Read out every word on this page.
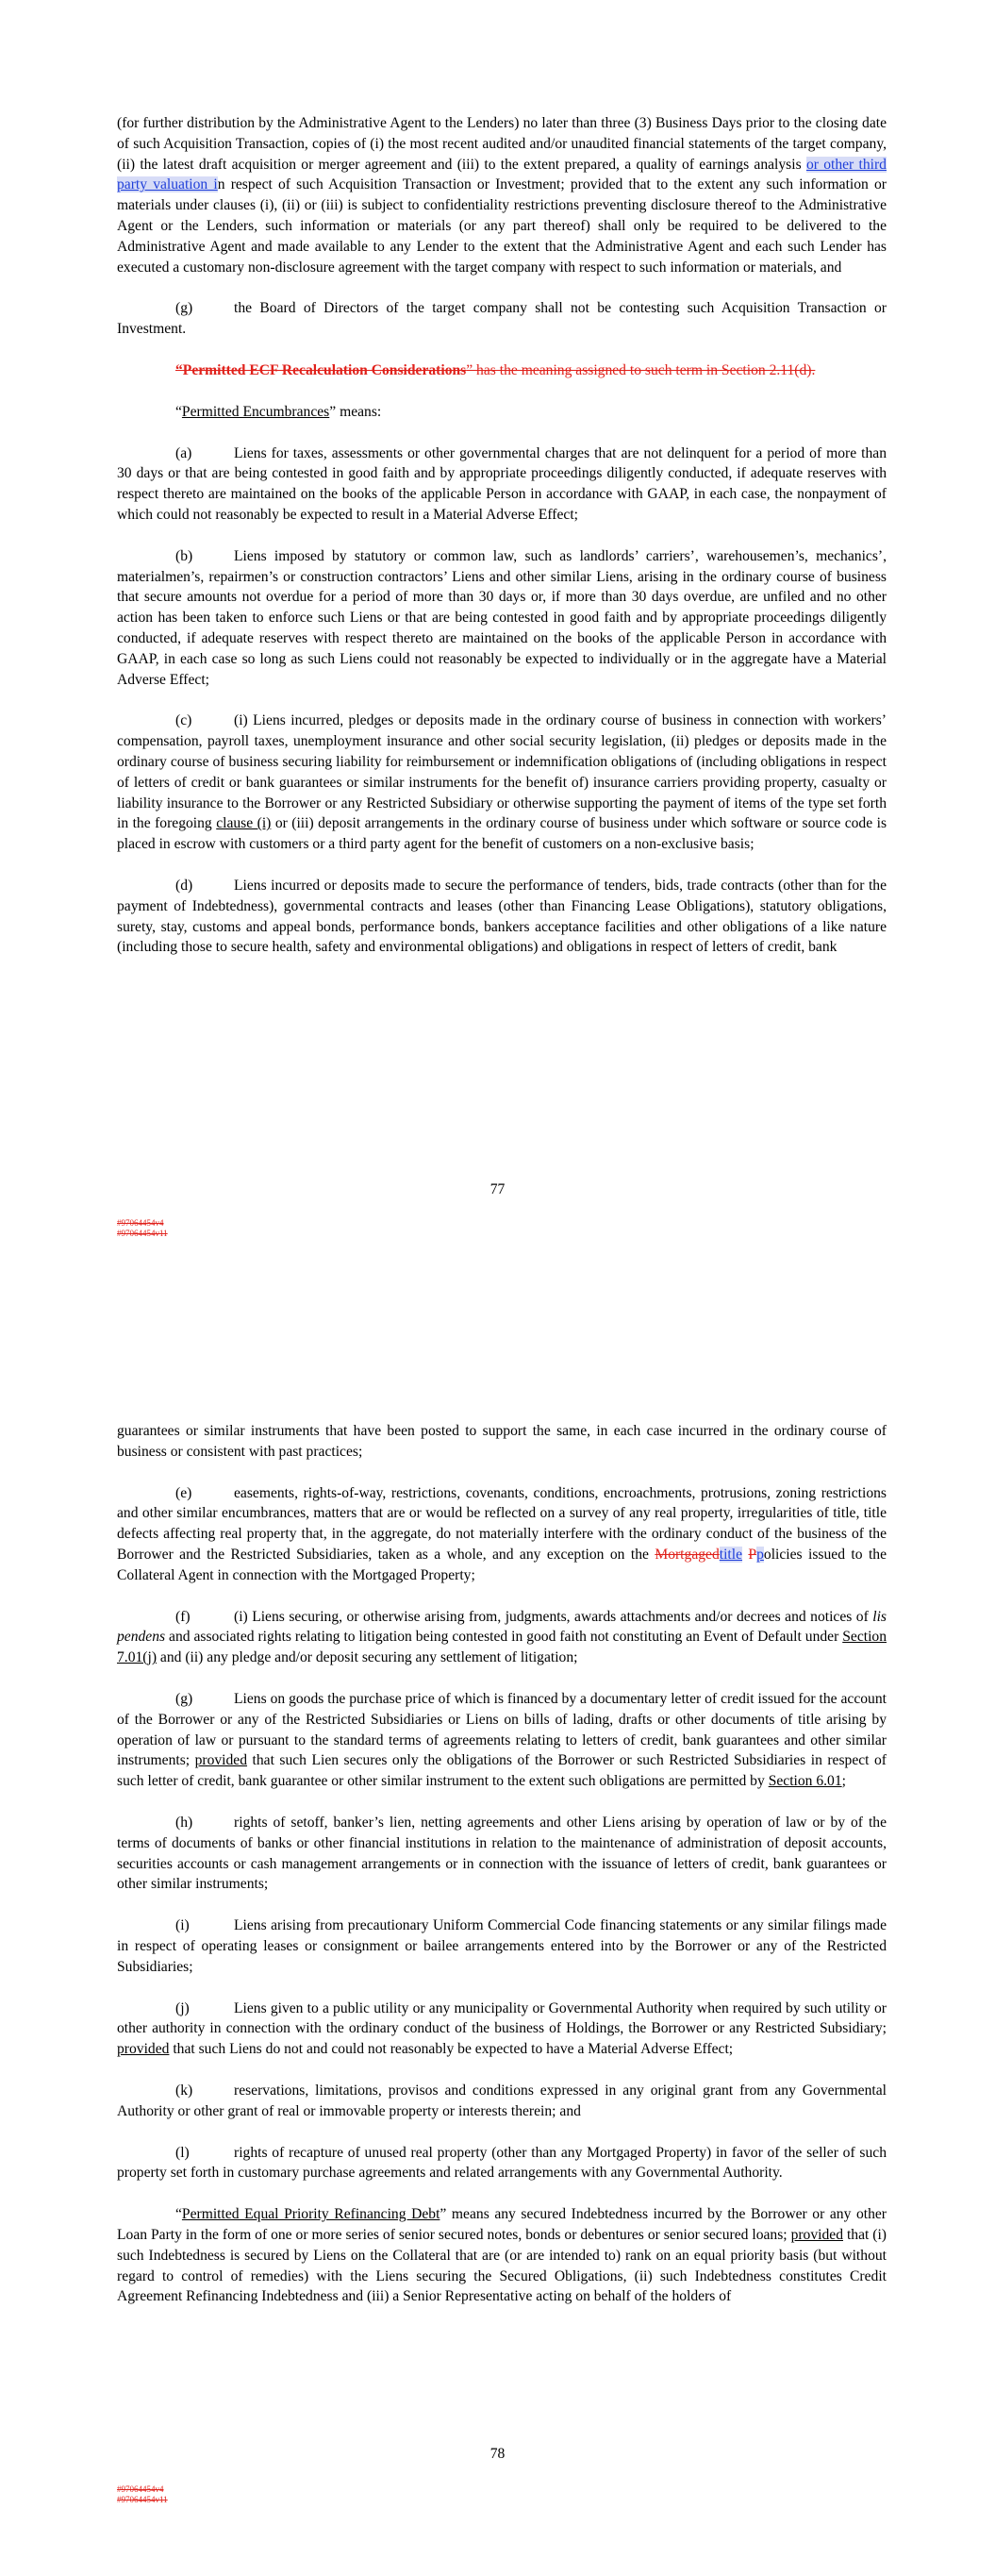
(for further distribution by the Administrative Agent to the Lenders) no later than three (3) Business Days prior to the closing date of such Acquisition Transaction, copies of (i) the most recent audited and/or unaudited financial statements of the target company, (ii) the latest draft acquisition or merger agreement and (iii) to the extent prepared, a quality of earnings analysis or other third party valuation in respect of such Acquisition Transaction or Investment; provided that to the extent any such information or materials under clauses (i), (ii) or (iii) is subject to confidentiality restrictions preventing disclosure thereof to the Administrative Agent or the Lenders, such information or materials (or any part thereof) shall only be required to be delivered to the Administrative Agent and made available to any Lender to the extent that the Administrative Agent and each such Lender has executed a customary non-disclosure agreement with the target company with respect to such information or materials, and

(g)	the Board of Directors of the target company shall not be contesting such Acquisition Transaction or Investment.

“Permitted ECF Recalculation Considerations” has the meaning assigned to such term in Section 2.11(d).

“Permitted Encumbrances” means:

(a)	Liens for taxes, assessments or other governmental charges that are not delinquent for a period of more than 30 days or that are being contested in good faith and by appropriate proceedings diligently conducted, if adequate reserves with respect thereto are maintained on the books of the applicable Person in accordance with GAAP, in each case, the nonpayment of which could not reasonably be expected to result in a Material Adverse Effect;

(b)	Liens imposed by statutory or common law, such as landlords’ carriers’, warehousemen’s, mechanics’, materialmen’s, repairmen’s or construction contractors’ Liens and other similar Liens, arising in the ordinary course of business that secure amounts not overdue for a period of more than 30 days or, if more than 30 days overdue, are unfiled and no other action has been taken to enforce such Liens or that are being contested in good faith and by appropriate proceedings diligently conducted, if adequate reserves with respect thereto are maintained on the books of the applicable Person in accordance with GAAP, in each case so long as such Liens could not reasonably be expected to individually or in the aggregate have a Material Adverse Effect;

(c)	(i) Liens incurred, pledges or deposits made in the ordinary course of business in connection with workers’ compensation, payroll taxes, unemployment insurance and other social security legislation, (ii) pledges or deposits made in the ordinary course of business securing liability for reimbursement or indemnification obligations of (including obligations in respect of letters of credit or bank guarantees or similar instruments for the benefit of) insurance carriers providing property, casualty or liability insurance to the Borrower or any Restricted Subsidiary or otherwise supporting the payment of items of the type set forth in the foregoing clause (i) or (iii) deposit arrangements in the ordinary course of business under which software or source code is placed in escrow with customers or a third party agent for the benefit of customers on a non-exclusive basis;

(d)	Liens incurred or deposits made to secure the performance of tenders, bids, trade contracts (other than for the payment of Indebtedness), governmental contracts and leases (other than Financing Lease Obligations), statutory obligations, surety, stay, customs and appeal bonds, performance bonds, bankers acceptance facilities and other obligations of a like nature (including those to secure health, safety and environmental obligations) and obligations in respect of letters of credit, bank

77
#97064454v4
#97064454v11

guarantees or similar instruments that have been posted to support the same, in each case incurred in the ordinary course of business or consistent with past practices;

(e)	easements, rights-of-way, restrictions, covenants, conditions, encroachments, protrusions, zoning restrictions and other similar encumbrances, matters that are or would be reflected on a survey of any real property, irregularities of title, title defects affecting real property that, in the aggregate, do not materially interfere with the ordinary conduct of the business of the Borrower and the Restricted Subsidiaries, taken as a whole, and any exception on the Mortgagedtitle Ppolicies issued to the Collateral Agent in connection with the Mortgaged Property;

(f)	(i) Liens securing, or otherwise arising from, judgments, awards attachments and/or decrees and notices of lis pendens and associated rights relating to litigation being contested in good faith not constituting an Event of Default under Section 7.01(j) and (ii) any pledge and/or deposit securing any settlement of litigation;

(g)	Liens on goods the purchase price of which is financed by a documentary letter of credit issued for the account of the Borrower or any of the Restricted Subsidiaries or Liens on bills of lading, drafts or other documents of title arising by operation of law or pursuant to the standard terms of agreements relating to letters of credit, bank guarantees and other similar instruments; provided that such Lien secures only the obligations of the Borrower or such Restricted Subsidiaries in respect of such letter of credit, bank guarantee or other similar instrument to the extent such obligations are permitted by Section 6.01;

(h)	rights of setoff, banker’s lien, netting agreements and other Liens arising by operation of law or by of the terms of documents of banks or other financial institutions in relation to the maintenance of administration of deposit accounts, securities accounts or cash management arrangements or in connection with the issuance of letters of credit, bank guarantees or other similar instruments;

(i)	Liens arising from precautionary Uniform Commercial Code financing statements or any similar filings made in respect of operating leases or consignment or bailee arrangements entered into by the Borrower or any of the Restricted Subsidiaries;

(j)	Liens given to a public utility or any municipality or Governmental Authority when required by such utility or other authority in connection with the ordinary conduct of the business of Holdings, the Borrower or any Restricted Subsidiary; provided that such Liens do not and could not reasonably be expected to have a Material Adverse Effect;

(k)	reservations, limitations, provisos and conditions expressed in any original grant from any Governmental Authority or other grant of real or immovable property or interests therein; and

(l)	rights of recapture of unused real property (other than any Mortgaged Property) in favor of the seller of such property set forth in customary purchase agreements and related arrangements with any Governmental Authority.

“Permitted Equal Priority Refinancing Debt” means any secured Indebtedness incurred by the Borrower or any other Loan Party in the form of one or more series of senior secured notes, bonds or debentures or senior secured loans; provided that (i) such Indebtedness is secured by Liens on the Collateral that are (or are intended to) rank on an equal priority basis (but without regard to control of remedies) with the Liens securing the Secured Obligations, (ii) such Indebtedness constitutes Credit Agreement Refinancing Indebtedness and (iii) a Senior Representative acting on behalf of the holders of

78
#97064454v4
#97064454v11
